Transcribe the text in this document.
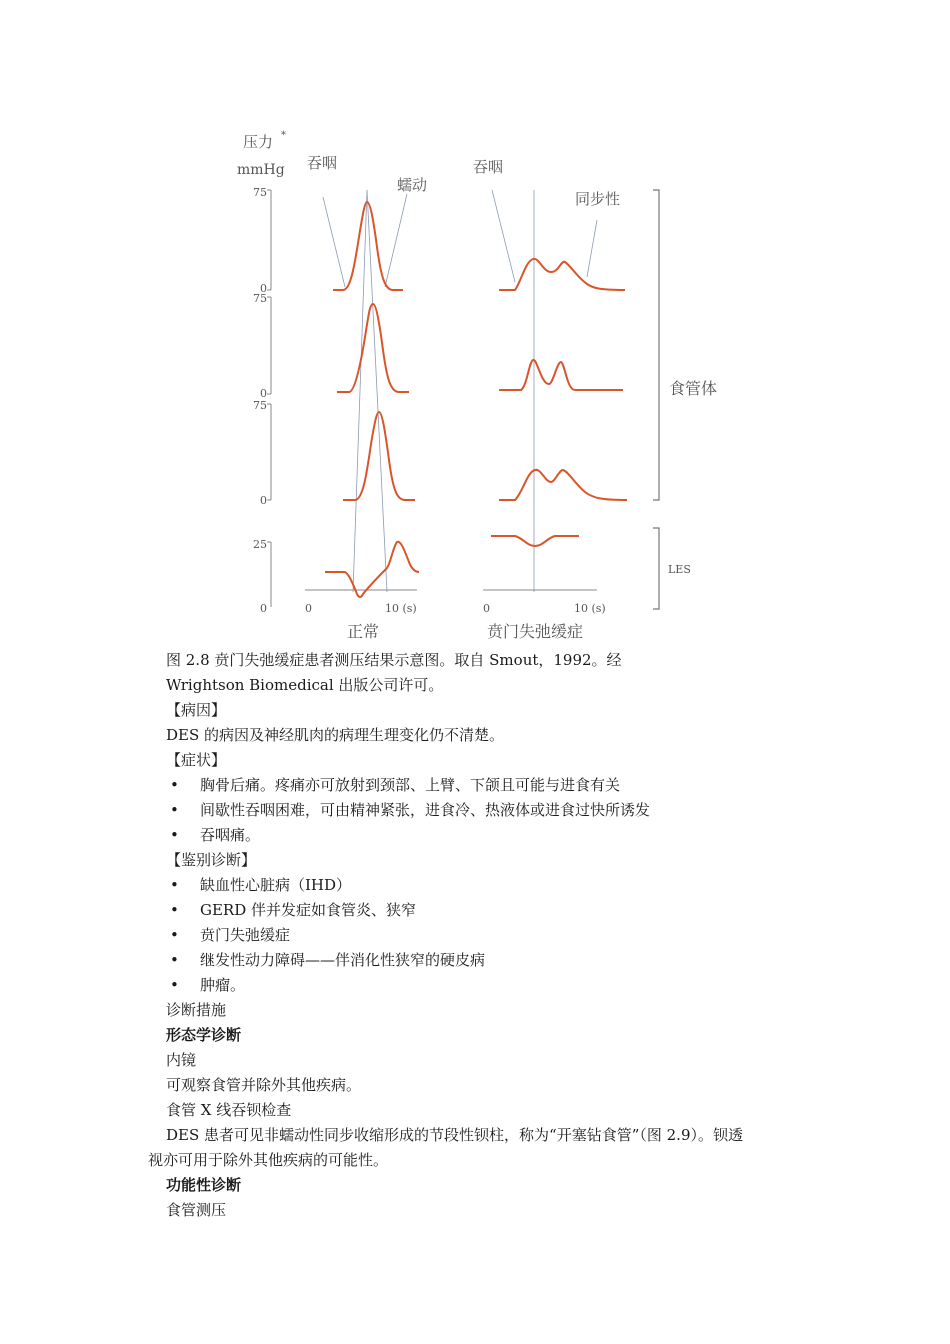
压力 *
mmHg
75
0
75
0
75
0
25
0	0	10 (s)	0	10 (s)
吞咽
蠕动
吞咽
同步性
食管体
LES
正常	贲门失弛缓症
图 2.8 贲门失弛缓症患者测压结果示意图。取自 Smout，1992。经
Wrightson Biomedical 出版公司许可。
【病因】
DES 的病因及神经肌肉的病理生理变化仍不清楚。
【症状】
• 胸骨后痛。疼痛亦可放射到颈部、上臂、下颌且可能与进食有关
• 间歇性吞咽困难，可由精神紧张，进食冷、热液体或进食过快所诱发
• 吞咽痛。
【鉴别诊断】
• 缺血性心脏病（IHD）
• GERD 伴并发症如食管炎、狭窄
• 贲门失弛缓症
• 继发性动力障碍——伴消化性狭窄的硬皮病
• 肿瘤。
诊断措施
形态学诊断
内镜
可观察食管并除外其他疾病。
食管 X 线吞钡检查
DES 患者可见非蠕动性同步收缩形成的节段性钡柱，称为“开塞钻食管”（图 2.9）。钡透
视亦可用于除外其他疾病的可能性。
功能性诊断
食管测压
